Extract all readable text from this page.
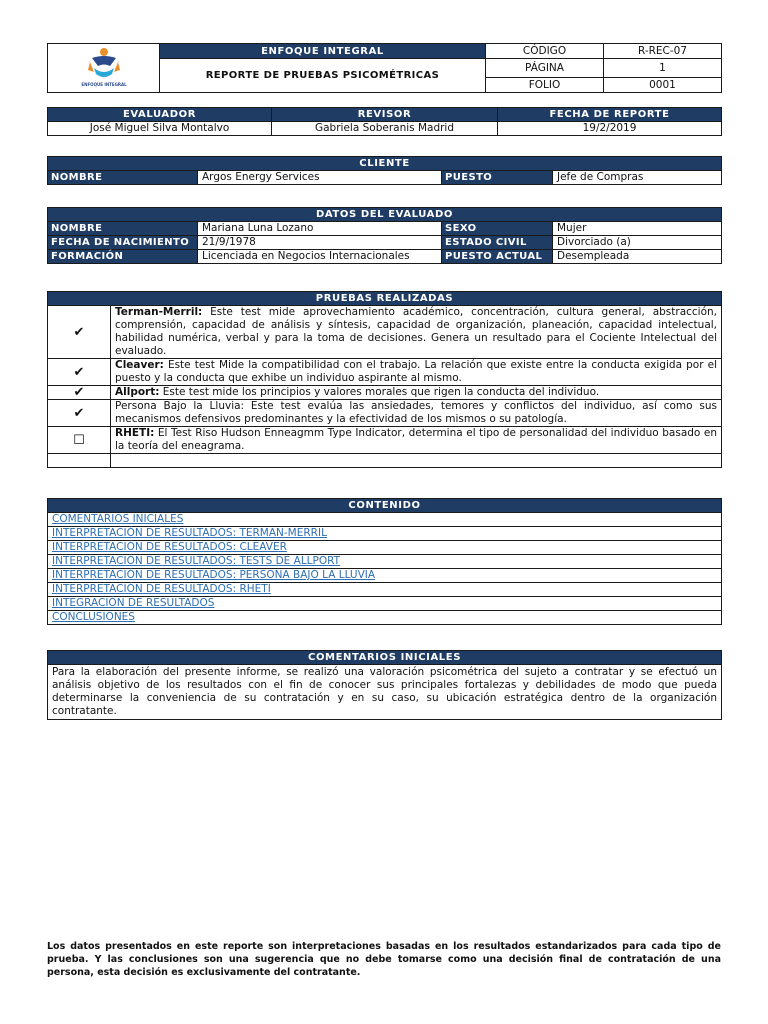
ENFOQUE INTEGRAL	ENFOQUE INTEGRAL	CÓDIGO	R-REC-07
	REPORTE DE PRUEBAS PSICOMÉTRICAS	PÁGINA	1
		FOLIO	0001
EVALUADOR	REVISOR	FECHA DE REPORTE
José Miguel Silva Montalvo	Gabriela Soberanis Madrid	19/2/2019
CLIENTE
NOMBRE	Argos Energy Services	PUESTO	Jefe de Compras
DATOS DEL EVALUADO			
NOMBRE	Mariana Luna Lozano	SEXO	Mujer
FECHA DE NACIMIENTO	21/9/1978	ESTADO CIVIL	Divorciado (a)
FORMACIÓN	Licenciada en Negocios Internacionales	PUESTO ACTUAL	Desempleada
PRUEBAS REALIZADAS	
✔	Terman-Merril: Este test mide aprovechamiento académico, concentración, cultura general, abstracción, comprensión, capacidad de análisis y síntesis, capacidad de organización, planeación, capacidad intelectual, habilidad numérica, verbal y para la toma de decisiones. Genera un resultado para el Cociente Intelectual del evaluado.
✔	Cleaver: Este test Mide la compatibilidad con el trabajo. La relación que existe entre la conducta exigida por el puesto y la conducta que exhibe un individuo aspirante al mismo.
✔	Allport: Este test mide los principios y valores morales que rigen la conducta del individuo.
✔	Persona Bajo la Lluvia: Este test evalúa las ansiedades, temores y conflictos del individuo, así como sus mecanismos defensivos predominantes y la efectividad de los mismos o su patología.
☐	RHETI: El Test Riso Hudson Enneagmm Type Indicator, determina el tipo de personalidad del individuo basado en la teoría del eneagrama.

CONTENIDO
COMENTARIOS INICIALES
INTERPRETACIÓN DE RESULTADOS: TERMAN-MERRIL
INTERPRETACIÓN DE RESULTADOS: CLEAVER
INTERPRETACIÓN DE RESULTADOS: TESTS DE ALLPORT
INTERPRETACIÓN DE RESULTADOS: PERSONA BAJO LA LLUVIA
INTERPRETACIÓN DE RESULTADOS: RHETI
INTEGRACIÓN DE RESULTADOS
CONCLUSIONES
COMENTARIOS INICIALES
Para la elaboración del presente informe, se realizó una valoración psicométrica del sujeto a contratar y se efectuó un análisis objetivo de los resultados con el fin de conocer sus principales fortalezas y debilidades de modo que pueda determinarse la conveniencia de su contratación y en su caso, su ubicación estratégica dentro de la organización contratante.
Los datos presentados en este reporte son interpretaciones basadas en los resultados estandarizados para cada tipo de prueba. Y las conclusiones son una sugerencia que no debe tomarse como una decisión final de contratación de una persona, esta decisión es exclusivamente del contratante.
